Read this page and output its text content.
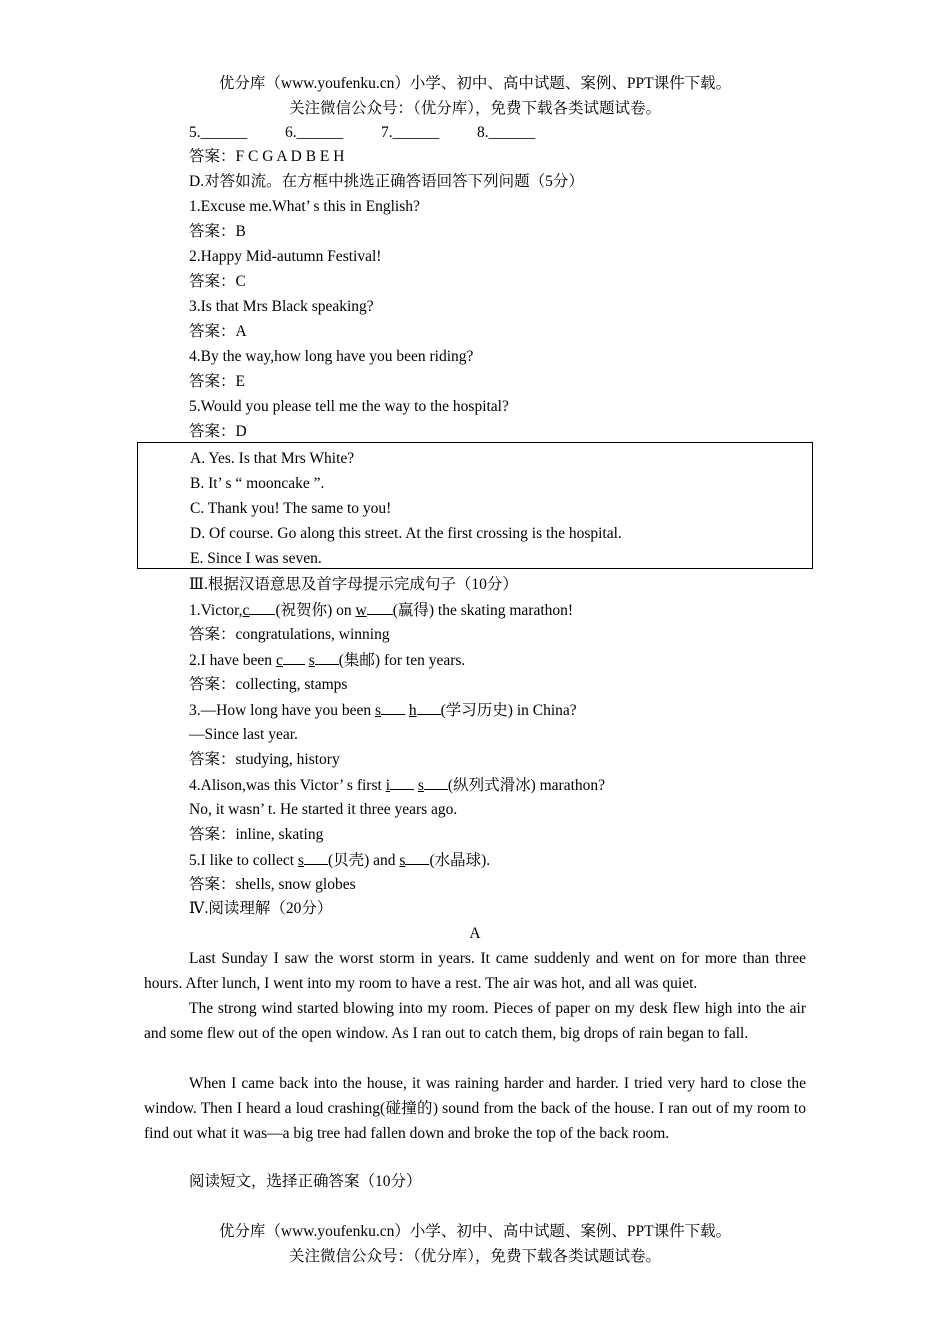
优分库（www.youfenku.cn）小学、初中、高中试题、案例、PPT课件下载。
关注微信公众号：（优分库），免费下载各类试题试卷。
5.______ 6.______ 7.______ 8.______
答案：F C G A D B E H
D.对答如流。在方框中挑选正确答语回答下列问题（5分）
1.Excuse me.What’ s this in English?
答案：B
2.Happy Mid-autumn Festival!
答案：C
3.Is that Mrs Black speaking?
答案：A
4.By the way,how long have you been riding?
答案：E
5.Would you please tell me the way to the hospital?
答案：D
A. Yes. Is that Mrs White?
B. It’ s “ mooncake ”.
C. Thank you! The same to you!
D. Of course. Go along this street. At the first crossing is the hospital.
E. Since I was seven.
Ⅲ.根据汉语意思及首字母提示完成句子（10分）
1.Victor,c (祝贺你) on w (赢得) the skating marathon!
答案：congratulations, winning
2.I have been c s (集邮) for ten years.
答案：collecting, stamps
3.—How long have you been s h (学习历史) in China?
—Since last year.
答案：studying, history
4.Alison,was this Victor’ s first i s (纵列式滑冰) marathon?
No, it wasn’ t. He started it three years ago.
答案：inline, skating
5.I like to collect s (贝壳) and s (水晶球).
答案：shells, snow globes
Ⅳ.阅读理解（20分）
A
Last Sunday I saw the worst storm in years. It came suddenly and went on for more than three hours. After lunch, I went into my room to have a rest. The air was hot, and all was quiet.
The strong wind started blowing into my room. Pieces of paper on my desk flew high into the air and some flew out of the open window. As I ran out to catch them, big drops of rain began to fall.
When I came back into the house, it was raining harder and harder. I tried very hard to close the window. Then I heard a loud crashing(碰撞的) sound from the back of the house. I ran out of my room to find out what it was—a big tree had fallen down and broke the top of the back room.
阅读短文，选择正确答案（10分）
优分库（www.youfenku.cn）小学、初中、高中试题、案例、PPT课件下载。
关注微信公众号：（优分库），免费下载各类试题试卷。
